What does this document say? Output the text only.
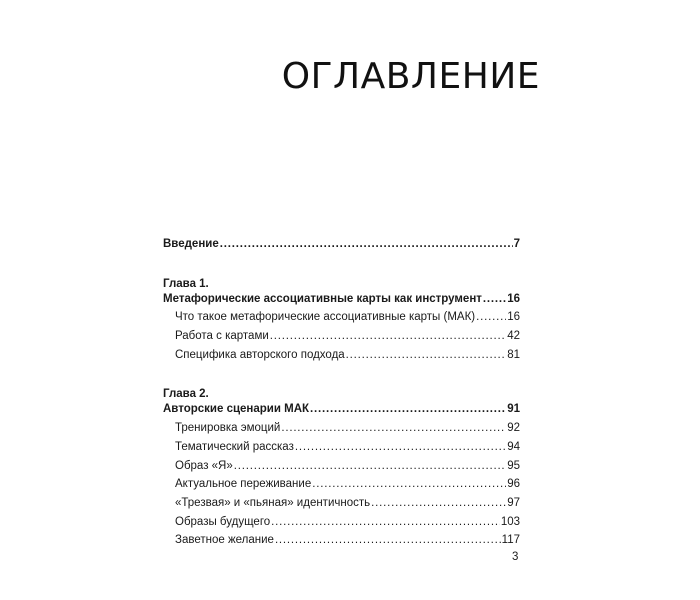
ОГЛАВЛЕНИЕ
Введение .....	7
Глава 1.
Метафорические ассоциативные карты как инструмент ..... 16
Что такое метафорические ассоциативные карты (МАК) .....	16
Работа с картами .....	42
Специфика авторского подхода .....	81
Глава 2.
Авторские сценарии МАК .....	91
Тренировка эмоций .....	92
Тематический рассказ .....	94
Образ «Я» .....	95
Актуальное переживание .....	96
«Трезвая» и «пьяная» идентичность .....	97
Образы будущего .....	103
Заветное желание .....	117
3
